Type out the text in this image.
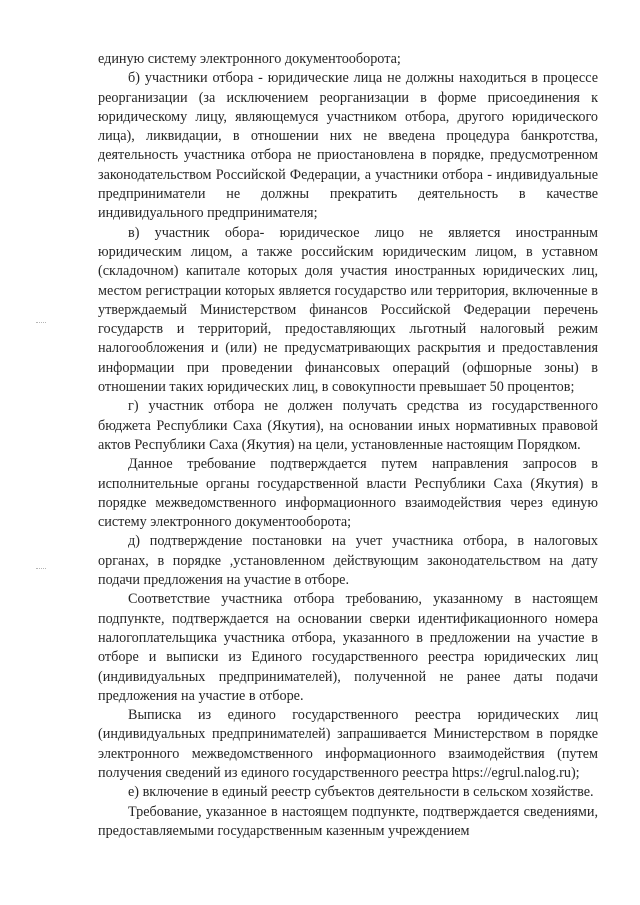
единую систему электронного документооборота;

б) участники отбора - юридические лица не должны находиться в процессе реорганизации (за исключением реорганизации в форме присоединения к юридическому лицу, являющемуся участником отбора, другого юридического лица), ликвидации, в отношении них не введена процедура банкротства, деятельность участника отбора не приостановлена в порядке, предусмотренном законодательством Российской Федерации, а участники отбора - индивидуальные предприниматели не должны прекратить деятельность в качестве индивидуального предпринимателя;

в) участник обора- юридическое лицо не является иностранным юридическим лицом, а также российским юридическим лицом, в уставном (складочном) капитале которых доля участия иностранных юридических лиц, местом регистрации которых является государство или территория, включенные в утверждаемый Министерством финансов Российской Федерации перечень государств и территорий, предоставляющих льготный налоговый режим налогообложения и (или) не предусматривающих раскрытия и предоставления информации при проведении финансовых операций (офшорные зоны) в отношении таких юридических лиц, в совокупности превышает 50 процентов;

г) участник отбора не должен получать средства из государственного бюджета Республики Саха (Якутия), на основании иных нормативных правовой актов Республики Саха (Якутия) на цели, установленные настоящим Порядком.

Данное требование подтверждается путем направления запросов в исполнительные органы государственной власти Республики Саха (Якутия) в порядке межведомственного информационного взаимодействия через единую систему электронного документооборота;

д) подтверждение постановки на учет участника отбора, в налоговых органах, в порядке ,установленном действующим законодательством на дату подачи предложения на участие в отборе.

Соответствие участника отбора требованию, указанному в настоящем подпункте, подтверждается на основании сверки идентификационного номера налогоплательщика участника отбора, указанного в предложении на участие в отборе и выписки из Единого государственного реестра юридических лиц (индивидуальных предпринимателей), полученной не ранее даты подачи предложения на участие в отборе.

Выписка из единого государственного реестра юридических лиц (индивидуальных предпринимателей) запрашивается Министерством в порядке электронного межведомственного информационного взаимодействия (путем получения сведений из единого государственного реестра https://egrul.nalog.ru);

е) включение в единый реестр субъектов деятельности в сельском хозяйстве.

Требование, указанное в настоящем подпункте, подтверждается сведениями, предоставляемыми государственным казенным учреждением
